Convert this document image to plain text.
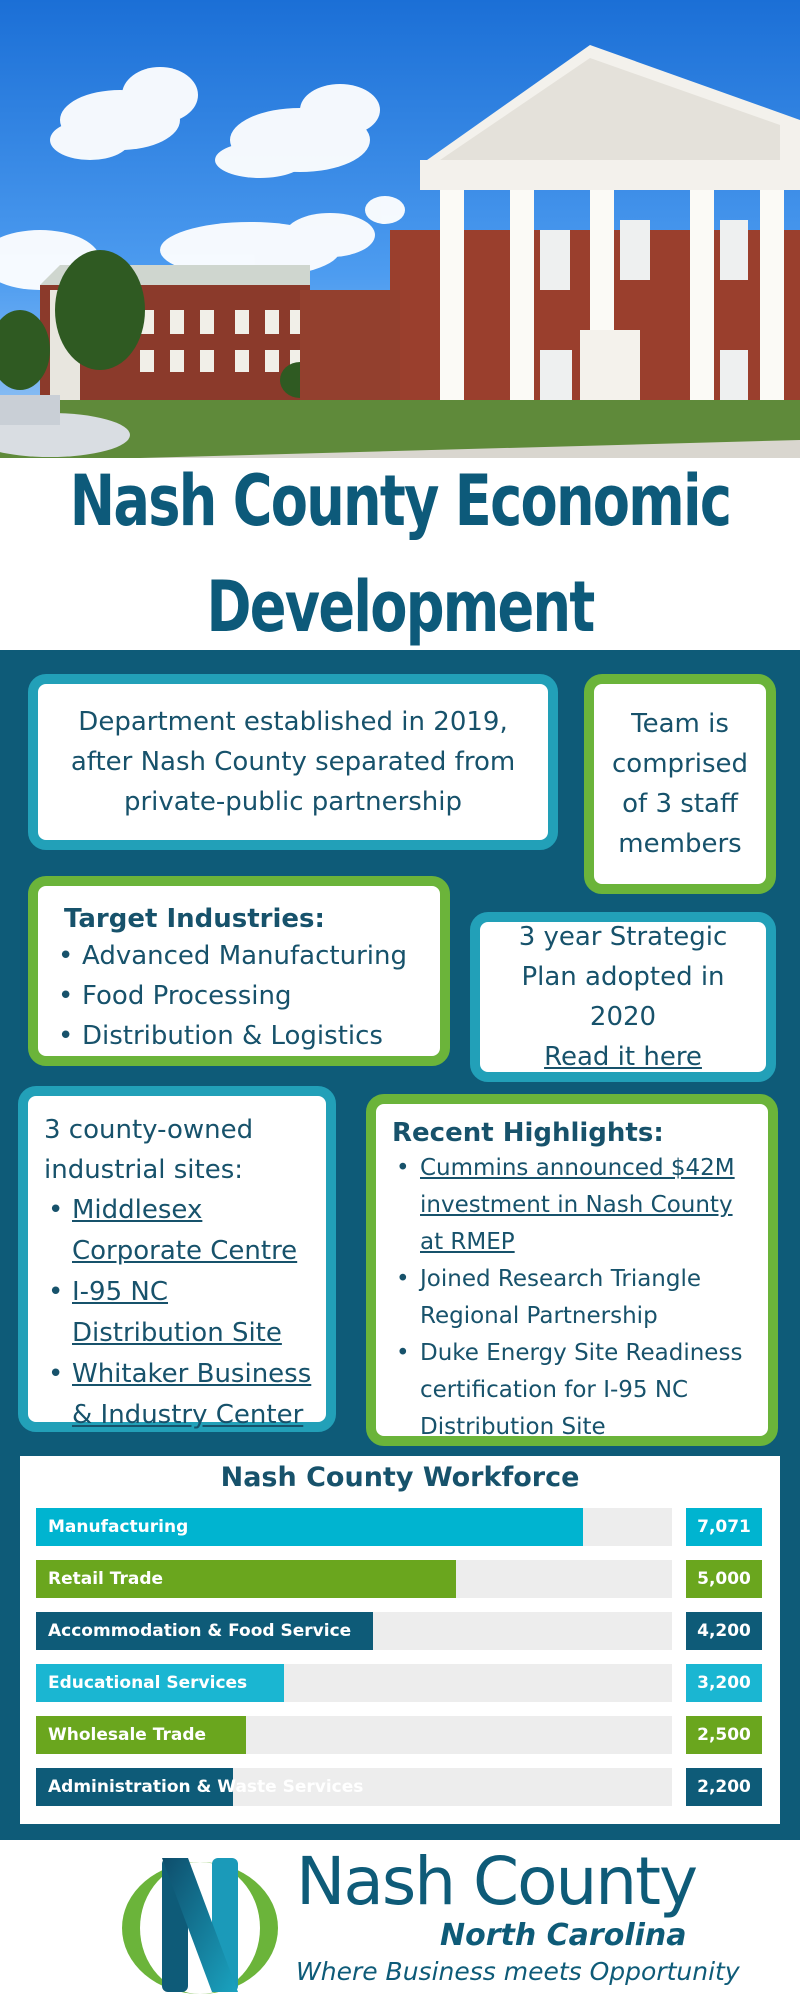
Nash County Economic Development
Department established in 2019, after Nash County separated from private-public partnership
Team is comprised of 3 staff members
Target Industries:
• Advanced Manufacturing
• Food Processing
• Distribution & Logistics
3 year Strategic Plan adopted in 2020
Read it here
3 county-owned industrial sites:
• Middlesex Corporate Centre
• I-95 NC Distribution Site
• Whitaker Business & Industry Center
Recent Highlights:
• Cummins announced $42M investment in Nash County at RMEP
• Joined Research Triangle Regional Partnership
• Duke Energy Site Readiness certification for I-95 NC Distribution Site
Nash County Workforce
Manufacturing	7,071
Retail Trade	5,000
Accommodation & Food Service	4,200
Educational Services	3,200
Wholesale Trade	2,500
Administration & Waste Services	2,200
Nash County
North Carolina
Where Business meets Opportunity
